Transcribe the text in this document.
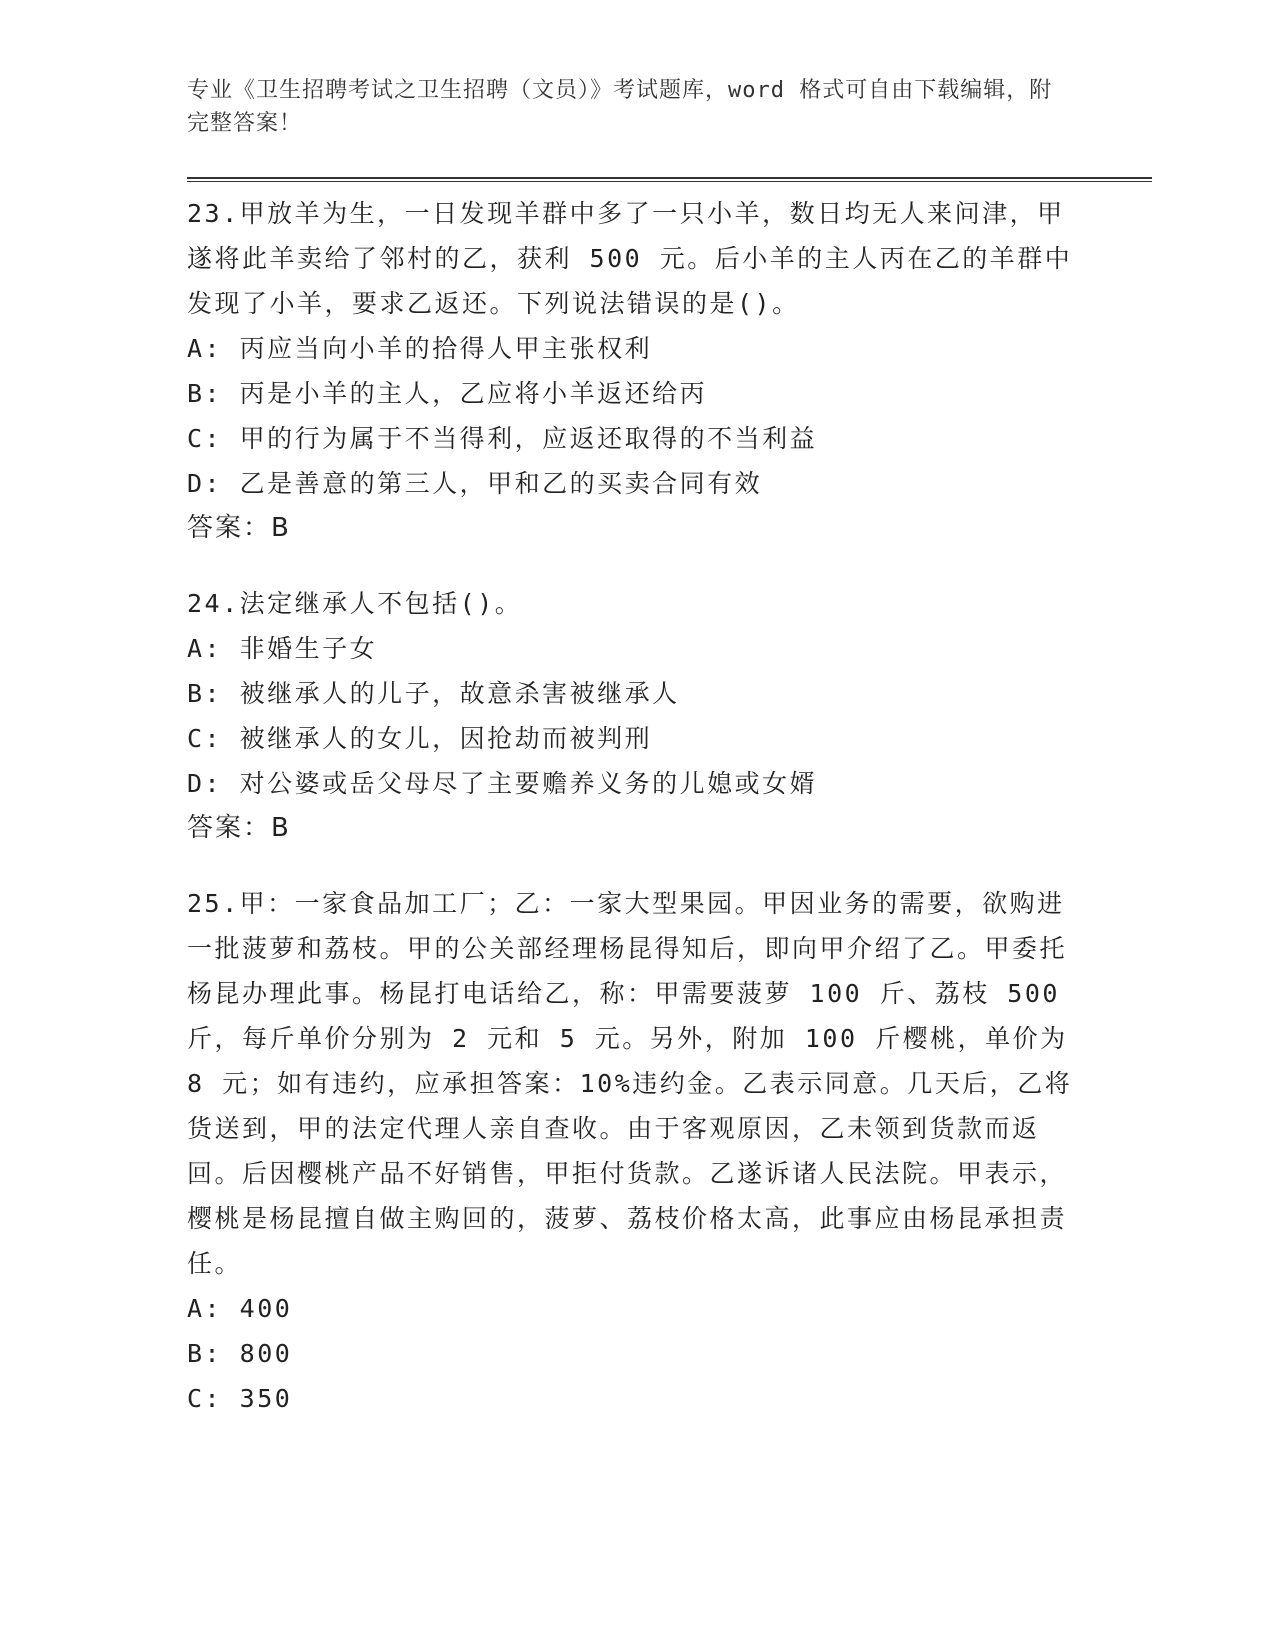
专业《卫生招聘考试之卫生招聘（文员）》考试题库，word 格式可自由下载编辑，附完整答案！

23.甲放羊为生，一日发现羊群中多了一只小羊，数日均无人来问津，甲遂将此羊卖给了邻村的乙，获利 500 元。后小羊的主人丙在乙的羊群中发现了小羊，要求乙返还。下列说法错误的是()。

A: 丙应当向小羊的拾得人甲主张权利

B: 丙是小羊的主人，乙应将小羊返还给丙

C: 甲的行为属于不当得利，应返还取得的不当利益

D: 乙是善意的第三人，甲和乙的买卖合同有效

答案：B

24.法定继承人不包括()。

A: 非婚生子女

B: 被继承人的儿子，故意杀害被继承人

C: 被继承人的女儿，因抢劫而被判刑

D: 对公婆或岳父母尽了主要赡养义务的儿媳或女婿

答案：B

25.甲：一家食品加工厂；乙：一家大型果园。甲因业务的需要，欲购进一批菠萝和荔枝。甲的公关部经理杨昆得知后，即向甲介绍了乙。甲委托杨昆办理此事。杨昆打电话给乙，称：甲需要菠萝 100 斤、荔枝 500 斤，每斤单价分别为 2 元和 5 元。另外，附加 100 斤樱桃，单价为 8 元；如有违约，应承担答案：10%违约金。乙表示同意。几天后，乙将货送到，甲的法定代理人亲自查收。由于客观原因，乙未领到货款而返回。后因樱桃产品不好销售，甲拒付货款。乙遂诉诸人民法院。甲表示，樱桃是杨昆擅自做主购回的，菠萝、荔枝价格太高，此事应由杨昆承担责任。

A: 400

B: 800

C: 350
